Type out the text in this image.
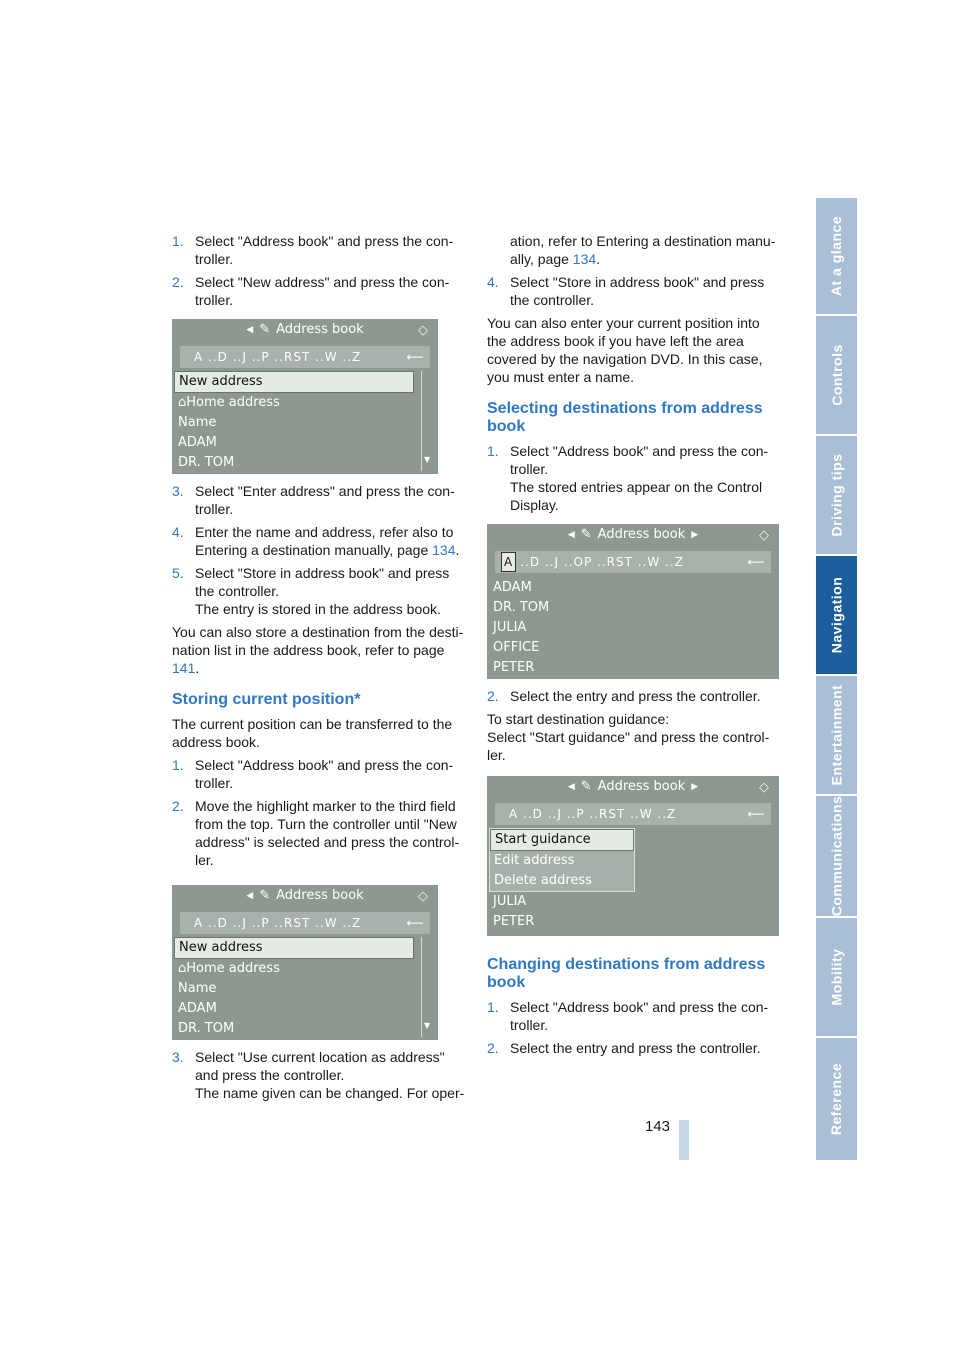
At a glance
Controls
Driving tips
Navigation
Entertainment
Communications
Mobility
Reference
1. Select "Address book" and press the con-troller.
2. Select "New address" and press the con-troller.
◀ ✎ Address book	◇
A ..D ..J ..P ..RST ..W ..Z	⟵
New address
⌂Home address
Name
ADAM
DR. TOM	▼
3. Select "Enter address" and press the con-troller.
4. Enter the name and address, refer also to Entering a destination manually, page 134.
5. Select "Store in address book" and press the controller.
The entry is stored in the address book.
You can also store a destination from the desti-nation list in the address book, refer to page 141.
Storing current position*
The current position can be transferred to the address book.
1. Select "Address book" and press the con-troller.
2. Move the highlight marker to the third field from the top. Turn the controller until "New address" is selected and press the control-ler.
◀ ✎ Address book	◇
A ..D ..J ..P ..RST ..W ..Z	⟵
New address
⌂Home address
Name
ADAM
DR. TOM	▼
3. Select "Use current location as address" and press the controller.
The name given can be changed. For oper-
ation, refer to Entering a destination manu-ally, page 134.
4. Select "Store in address book" and press the controller.
You can also enter your current position into the address book if you have left the area covered by the navigation DVD. In this case, you must enter a name.
Selecting destinations from address book
1. Select "Address book" and press the con-troller.
The stored entries appear on the Control Display.
◀ ✎ Address book ▶	◇
A ..D ..J ..OP ..RST ..W ..Z	⟵
ADAM
DR. TOM
JULIA
OFFICE
PETER
2. Select the entry and press the controller.
To start destination guidance:
Select "Start guidance" and press the control-ler.
◀ ✎ Address book ▶	◇
A ..D ..J ..P ..RST ..W ..Z	⟵
Start guidance
Edit address
Delete address
JULIA
PETER
Changing destinations from address book
1. Select "Address book" and press the con-troller.
2. Select the entry and press the controller.
143
